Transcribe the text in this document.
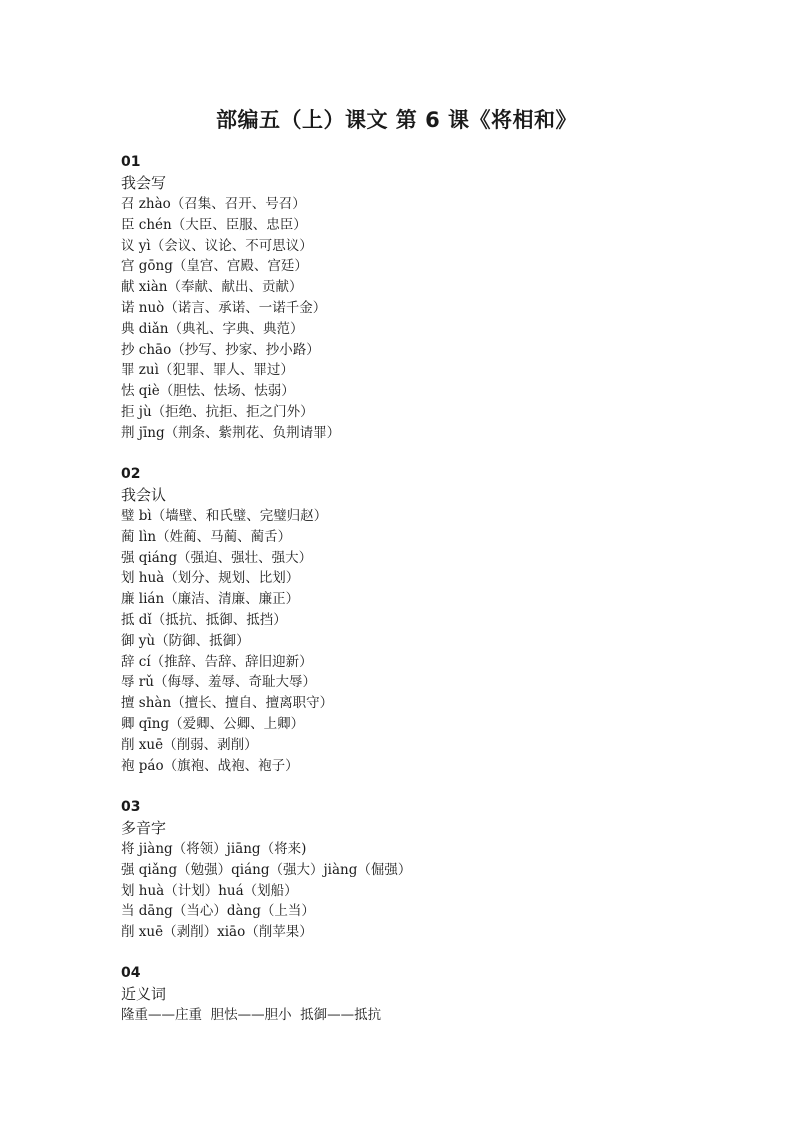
部编五（上）课文 第 6 课《将相和》
01
我会写
召 zhào（召集、召开、号召）
臣 chén（大臣、臣服、忠臣）
议 yì（会议、议论、不可思议）
宫 gōng（皇宫、宫殿、宫廷）
献 xiàn（奉献、献出、贡献）
诺 nuò（诺言、承诺、一诺千金）
典 diǎn（典礼、字典、典范）
抄 chāo（抄写、抄家、抄小路）
罪 zuì（犯罪、罪人、罪过）
怯 qiè（胆怯、怯场、怯弱）
拒 jù（拒绝、抗拒、拒之门外）
荆 jīng（荆条、紫荆花、负荆请罪）
02
我会认
璧 bì（墙壁、和氏璧、完璧归赵）
蔺 lìn（姓蔺、马蔺、蔺舌）
强 qiáng（强迫、强壮、强大）
划 huà（划分、规划、比划）
廉 lián（廉洁、清廉、廉正）
抵 dǐ（抵抗、抵御、抵挡）
御 yù（防御、抵御）
辞 cí（推辞、告辞、辞旧迎新）
辱 rǔ（侮辱、羞辱、奇耻大辱）
擅 shàn（擅长、擅自、擅离职守）
卿 qīng（爱卿、公卿、上卿）
削 xuē（削弱、剥削）
袍 páo（旗袍、战袍、袍子）
03
多音字
将 jiàng（将领）jiāng（将来)
强 qiǎng（勉强）qiáng（强大）jiàng（倔强）
划 huà（计划）huá（划船）
当 dāng（当心）dàng（上当）
削 xuē（剥削）xiāo（削苹果）
04
近义词
隆重——庄重  胆怯——胆小  抵御——抵抗
